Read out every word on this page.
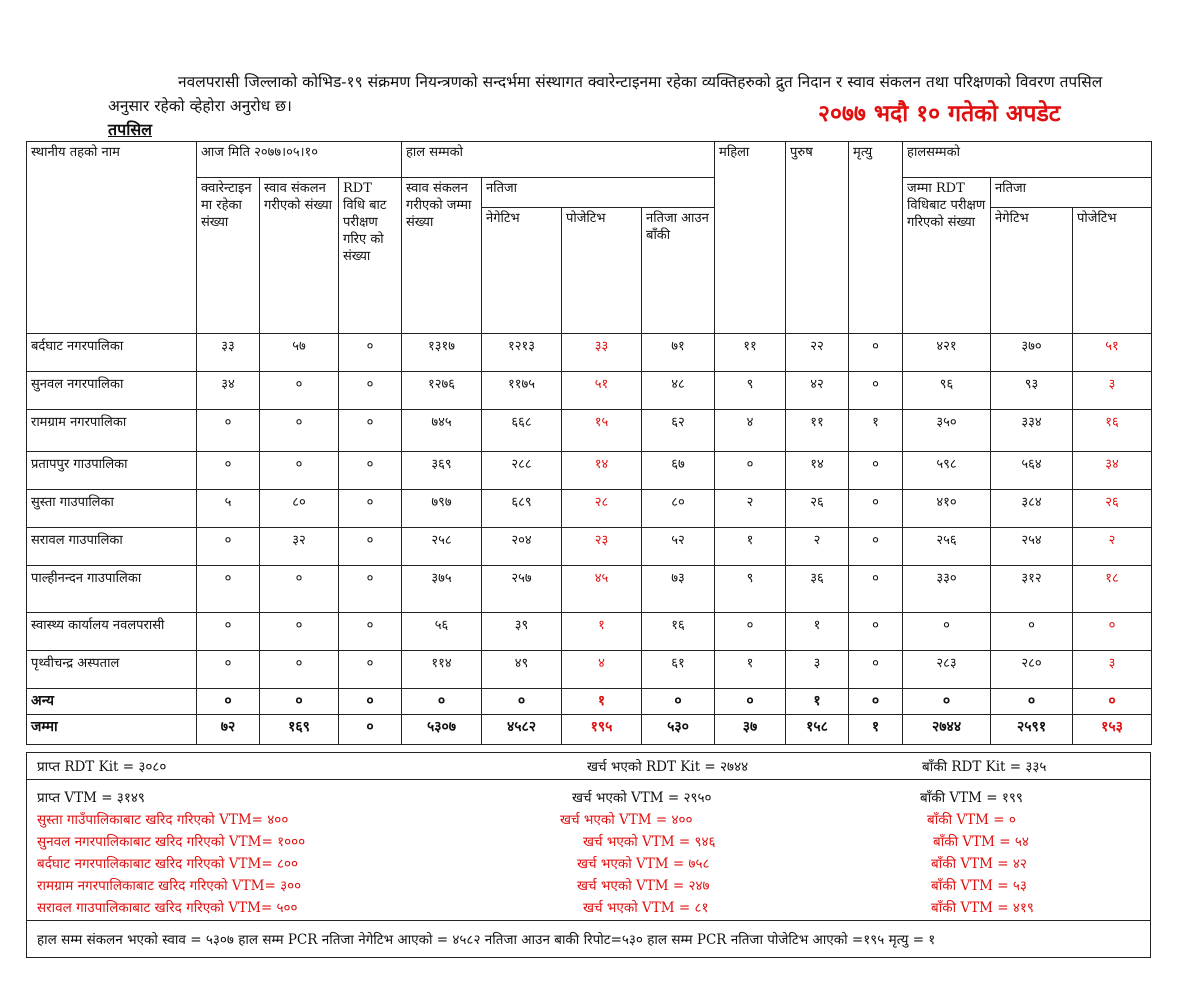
नवलपरासी जिल्लाको कोभिड-१९ संक्रमण नियन्त्रणको सन्दर्भमा संस्थागत क्वारेन्टाइनमा रहेका व्यक्तिहरुको द्रुत निदान र स्वाव संकलन तथा परिक्षणको विवरण तपसिल अनुसार रहेको व्हेहोरा अनुरोध छ।	२०७७ भदौ १० गतेको अपडेट
तपसिल
स्थानीय तहको नाम	आज मिति २०७७।०५।१०			हाल सम्मको				महिला	पुरुष	मृत्यु	हालसम्मको		
	क्वारेन्टाइन मा रहेका संख्या	स्वाव संकलन गरीएको संख्या	RDT विधि बाट परीक्षण गरिए को संख्या	स्वाव संकलन गरीएको जम्मा संख्या	नतिजा						जम्मा RDT विधिबाट परीक्षण गरिएको संख्या	नतिजा	
					नेगेटिभ	पोजेटिभ	नतिजा आउन बाँकी					नेगेटिभ	पोजेटिभ
बर्दघाट नगरपालिका	३३	५७	०	१३१७	१२१३	३३	७१	११	२२	०	४२१	३७०	५१
सुनवल नगरपालिका	३४	०	०	१२७६	११७५	५१	४८	९	४२	०	९६	९३	३
रामग्राम नगरपालिका	०	०	०	७४५	६६८	१५	६२	४	११	१	३५०	३३४	१६
प्रतापपुर गाउपालिका	०	०	०	३६९	२८८	१४	६७	०	१४	०	५९८	५६४	३४
सुस्ता गाउपालिका	५	८०	०	७९७	६८९	२८	८०	२	२६	०	४१०	३८४	२६
सरावल गाउपालिका	०	३२	०	२५८	२०४	२३	५२	१	२	०	२५६	२५४	२
पाल्हीनन्दन गाउपालिका	०	०	०	३७५	२५७	४५	७३	९	३६	०	३३०	३१२	१८
स्वास्थ्य कार्यालय नवलपरासी	०	०	०	५६	३९	१	१६	०	१	०	०	०	०
पृथ्वीचन्द्र अस्पताल	०	०	०	११४	४९	४	६१	१	३	०	२८३	२८०	३
अन्य	०	०	०	०	०	१	०	०	१	०	०	०	०
जम्मा	७२	१६९	०	५३०७	४५८२	१९५	५३०	३७	१५८	१	२७४४	२५९१	१५३
प्राप्त RDT Kit = ३०८०	खर्च भएको RDT Kit = २७४४	बाँकी RDT Kit = ३३५
प्राप्त VTM = ३१४९	खर्च भएको VTM = २९५०	बाँकी VTM = १९९
सुस्ता गाउँपालिकाबाट खरिद गरिएको VTM= ४००	खर्च भएको VTM = ४००	बाँकी VTM = ०
सुनवल नगरपालिकाबाट खरिद गरिएको VTM= १०००	खर्च भएको VTM = ९४६	बाँकी VTM = ५४
बर्दघाट नगरपालिकाबाट खरिद गरिएको VTM= ८००	खर्च भएको VTM = ७५८	बाँकी VTM = ४२
रामग्राम नगरपालिकाबाट खरिद गरिएको VTM= ३००	खर्च भएको VTM = २४७	बाँकी VTM = ५३
सरावल गाउपालिकाबाट खरिद गरिएको VTM= ५००	खर्च भएको VTM = ८१	बाँकी VTM = ४१९
हाल सम्म संकलन भएको स्वाव = ५३०७ हाल सम्म PCR नतिजा नेगेटिभ आएको = ४५८२ नतिजा आउन बाकी रिपोट=५३० हाल सम्म PCR नतिजा पोजेटिभ आएको =१९५ मृत्यु = १
